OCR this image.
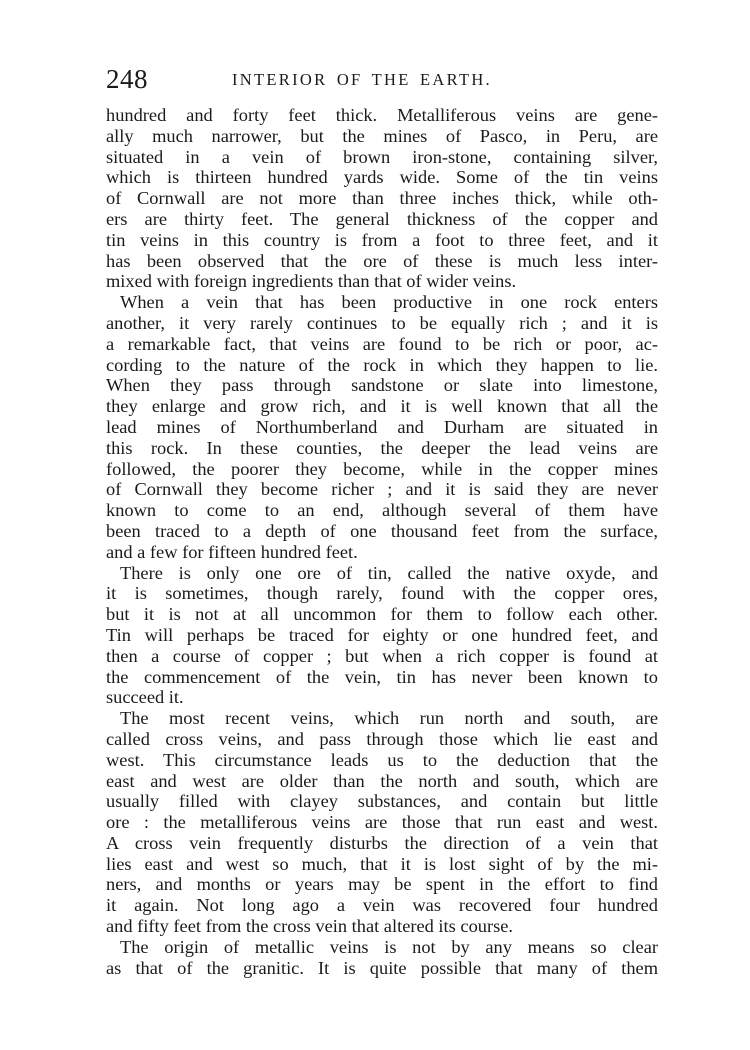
248	INTERIOR OF THE EARTH.
hundred and forty feet thick. Metalliferous veins are gene-
ally much narrower, but the mines of Pasco, in Peru, are
situated in a vein of brown iron-stone, containing silver,
which is thirteen hundred yards wide. Some of the tin veins
of Cornwall are not more than three inches thick, while oth-
ers are thirty feet. The general thickness of the copper and
tin veins in this country is from a foot to three feet, and it
has been observed that the ore of these is much less inter-
mixed with foreign ingredients than that of wider veins.
When a vein that has been productive in one rock enters
another, it very rarely continues to be equally rich ; and it is
a remarkable fact, that veins are found to be rich or poor, ac-
cording to the nature of the rock in which they happen to lie.
When they pass through sandstone or slate into limestone,
they enlarge and grow rich, and it is well known that all the
lead mines of Northumberland and Durham are situated in
this rock. In these counties, the deeper the lead veins are
followed, the poorer they become, while in the copper mines
of Cornwall they become richer ; and it is said they are never
known to come to an end, although several of them have
been traced to a depth of one thousand feet from the surface,
and a few for fifteen hundred feet.
There is only one ore of tin, called the native oxyde, and
it is sometimes, though rarely, found with the copper ores,
but it is not at all uncommon for them to follow each other.
Tin will perhaps be traced for eighty or one hundred feet, and
then a course of copper ; but when a rich copper is found at
the commencement of the vein, tin has never been known to
succeed it.
The most recent veins, which run north and south, are
called cross veins, and pass through those which lie east and
west. This circumstance leads us to the deduction that the
east and west are older than the north and south, which are
usually filled with clayey substances, and contain but little
ore : the metalliferous veins are those that run east and west.
A cross vein frequently disturbs the direction of a vein that
lies east and west so much, that it is lost sight of by the mi-
ners, and months or years may be spent in the effort to find
it again. Not long ago a vein was recovered four hundred
and fifty feet from the cross vein that altered its course.
The origin of metallic veins is not by any means so clear
as that of the granitic. It is quite possible that many of them
